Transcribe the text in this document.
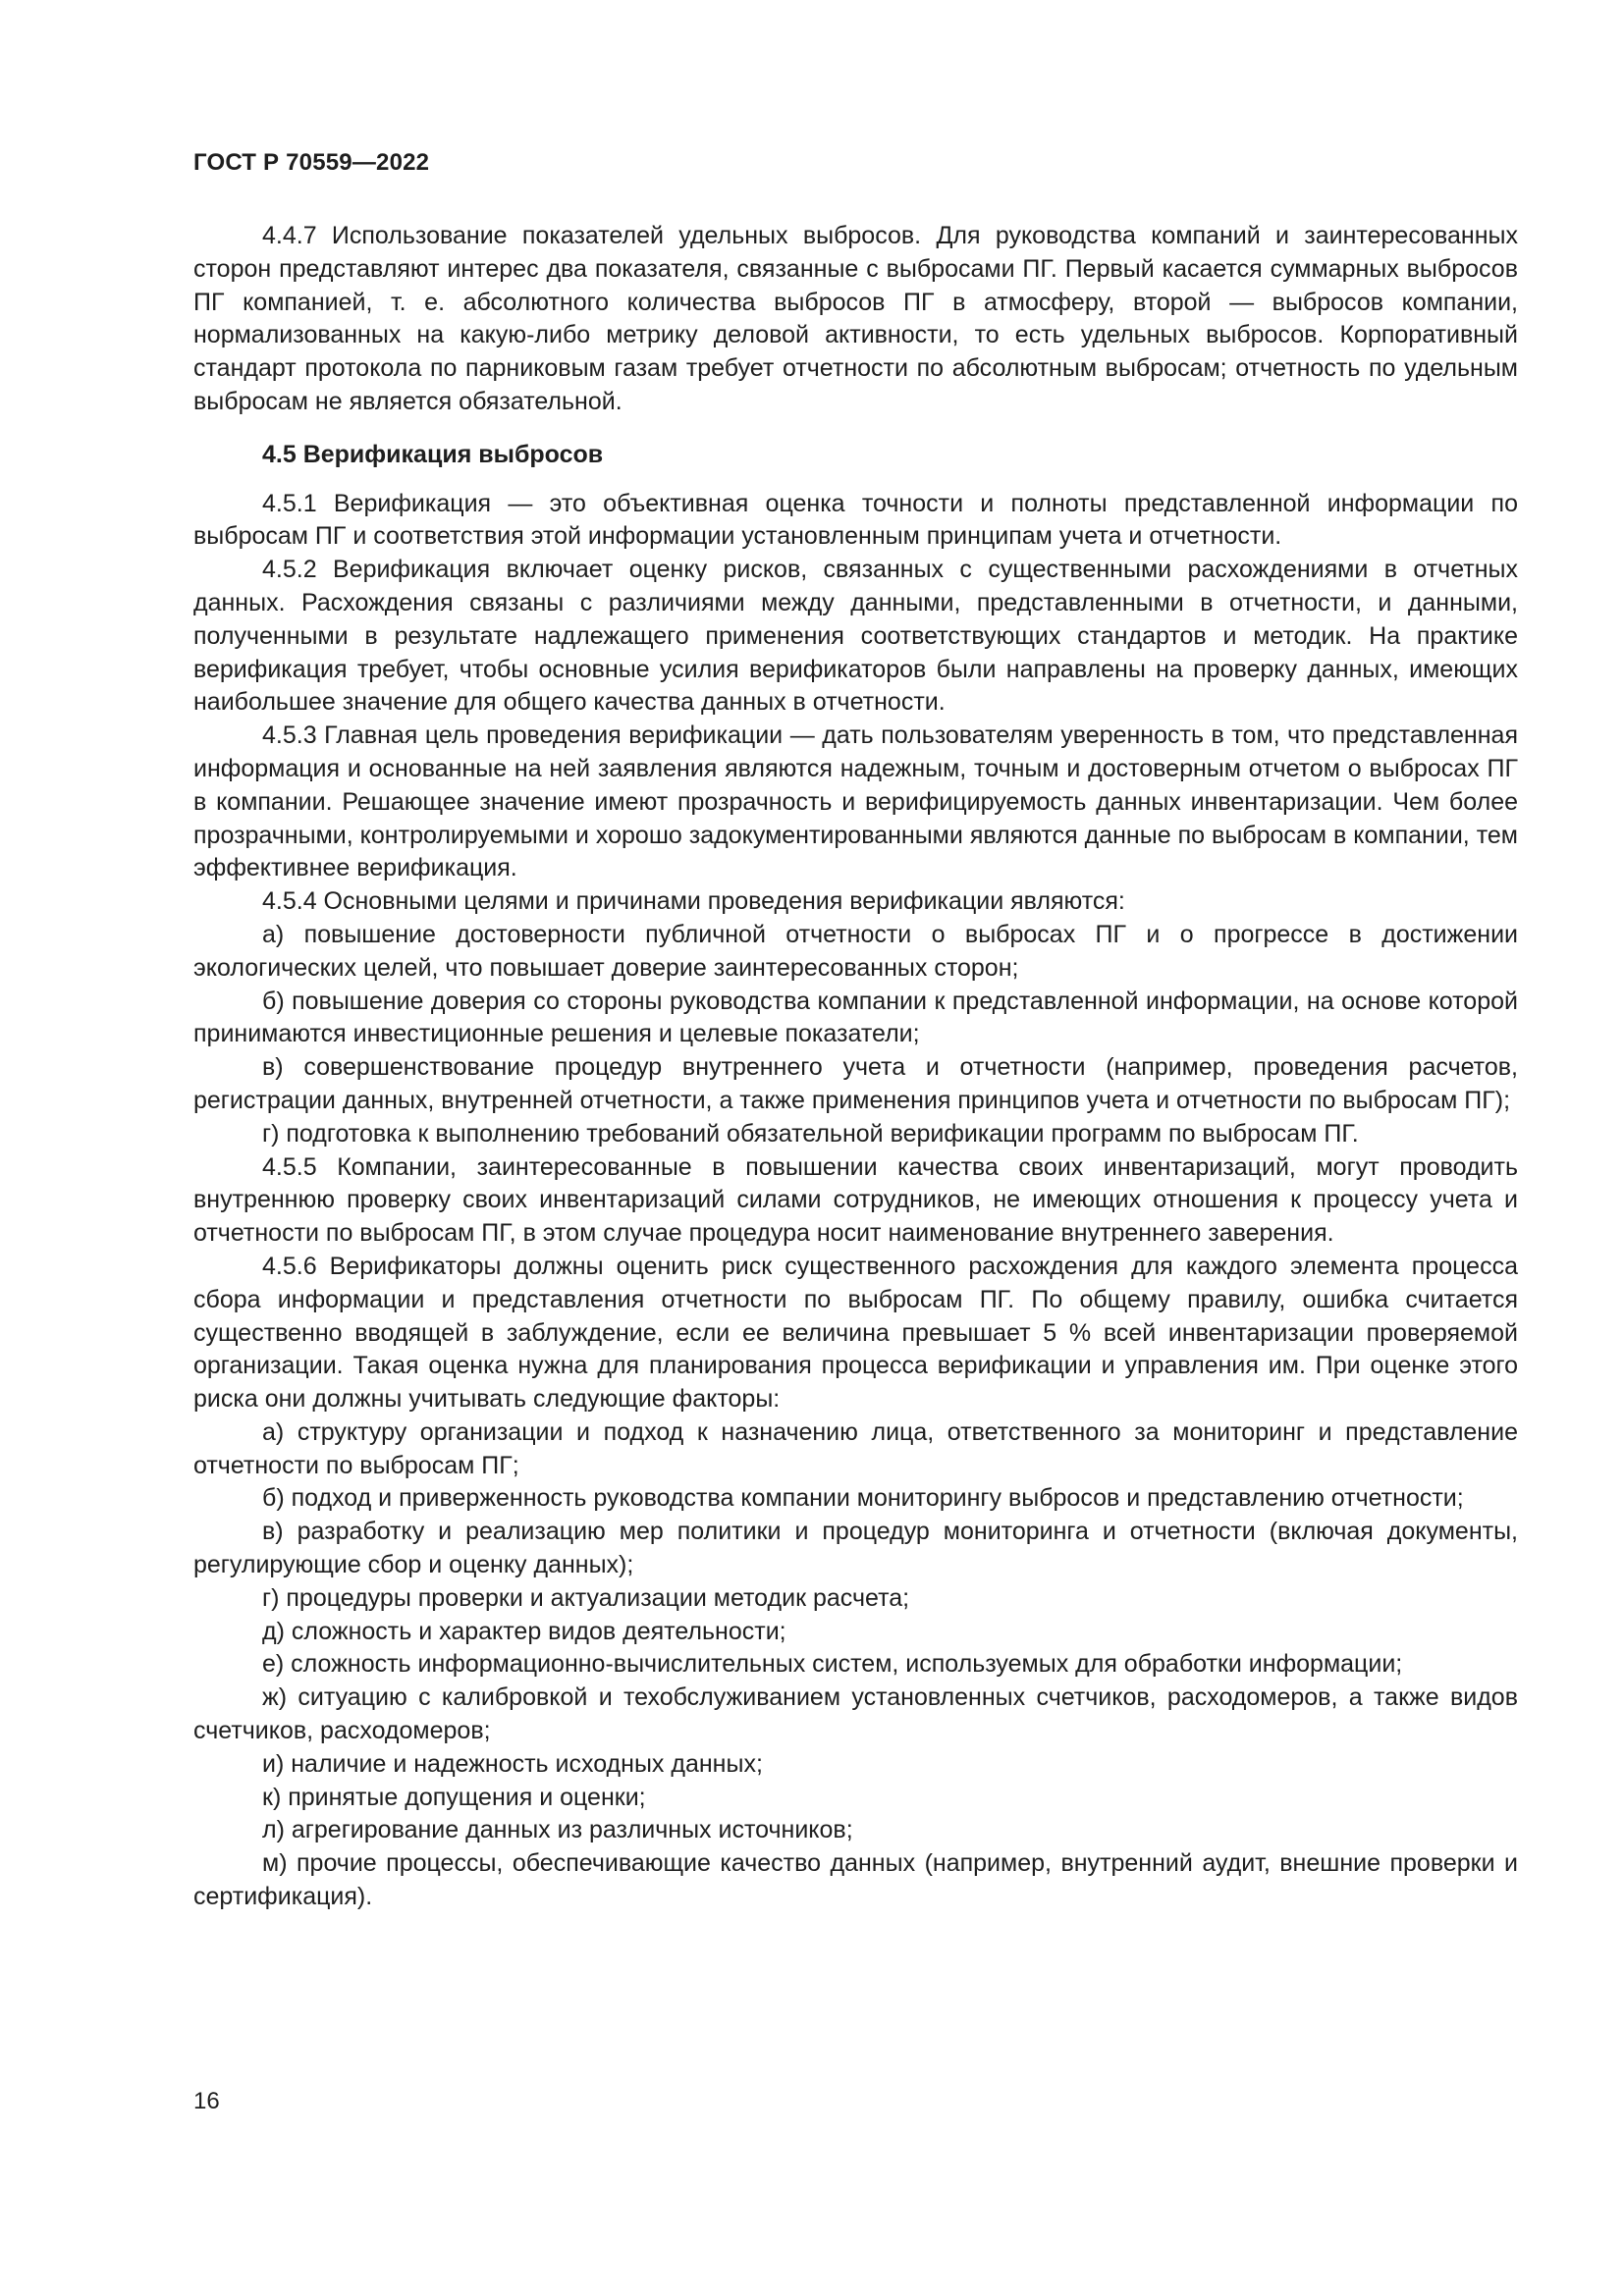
ГОСТ Р 70559—2022

4.4.7 Использование показателей удельных выбросов. Для руководства компаний и заинтересованных сторон представляют интерес два показателя, связанные с выбросами ПГ. Первый касается суммарных выбросов ПГ компанией, т. е. абсолютного количества выбросов ПГ в атмосферу, второй — выбросов компании, нормализованных на какую-либо метрику деловой активности, то есть удельных выбросов. Корпоративный стандарт протокола по парниковым газам требует отчетности по абсолютным выбросам; отчетность по удельным выбросам не является обязательной.

4.5 Верификация выбросов

4.5.1 Верификация — это объективная оценка точности и полноты представленной информации по выбросам ПГ и соответствия этой информации установленным принципам учета и отчетности.

4.5.2 Верификация включает оценку рисков, связанных с существенными расхождениями в отчетных данных. Расхождения связаны с различиями между данными, представленными в отчетности, и данными, полученными в результате надлежащего применения соответствующих стандартов и методик. На практике верификация требует, чтобы основные усилия верификаторов были направлены на проверку данных, имеющих наибольшее значение для общего качества данных в отчетности.

4.5.3 Главная цель проведения верификации — дать пользователям уверенность в том, что представленная информация и основанные на ней заявления являются надежным, точным и достоверным отчетом о выбросах ПГ в компании. Решающее значение имеют прозрачность и верифицируемость данных инвентаризации. Чем более прозрачными, контролируемыми и хорошо задокументированными являются данные по выбросам в компании, тем эффективнее верификация.

4.5.4 Основными целями и причинами проведения верификации являются:

а) повышение достоверности публичной отчетности о выбросах ПГ и о прогрессе в достижении экологических целей, что повышает доверие заинтересованных сторон;

б) повышение доверия со стороны руководства компании к представленной информации, на основе которой принимаются инвестиционные решения и целевые показатели;

в) совершенствование процедур внутреннего учета и отчетности (например, проведения расчетов, регистрации данных, внутренней отчетности, а также применения принципов учета и отчетности по выбросам ПГ);

г) подготовка к выполнению требований обязательной верификации программ по выбросам ПГ.

4.5.5 Компании, заинтересованные в повышении качества своих инвентаризаций, могут проводить внутреннюю проверку своих инвентаризаций силами сотрудников, не имеющих отношения к процессу учета и отчетности по выбросам ПГ, в этом случае процедура носит наименование внутреннего заверения.

4.5.6 Верификаторы должны оценить риск существенного расхождения для каждого элемента процесса сбора информации и представления отчетности по выбросам ПГ. По общему правилу, ошибка считается существенно вводящей в заблуждение, если ее величина превышает 5 % всей инвентаризации проверяемой организации. Такая оценка нужна для планирования процесса верификации и управления им. При оценке этого риска они должны учитывать следующие факторы:

а) структуру организации и подход к назначению лица, ответственного за мониторинг и представление отчетности по выбросам ПГ;

б) подход и приверженность руководства компании мониторингу выбросов и представлению отчетности;

в) разработку и реализацию мер политики и процедур мониторинга и отчетности (включая документы, регулирующие сбор и оценку данных);

г) процедуры проверки и актуализации методик расчета;

д) сложность и характер видов деятельности;

е) сложность информационно-вычислительных систем, используемых для обработки информации;

ж) ситуацию с калибровкой и техобслуживанием установленных счетчиков, расходомеров, а также видов счетчиков, расходомеров;

и) наличие и надежность исходных данных;

к) принятые допущения и оценки;

л) агрегирование данных из различных источников;

м) прочие процессы, обеспечивающие качество данных (например, внутренний аудит, внешние проверки и сертификация).

16
